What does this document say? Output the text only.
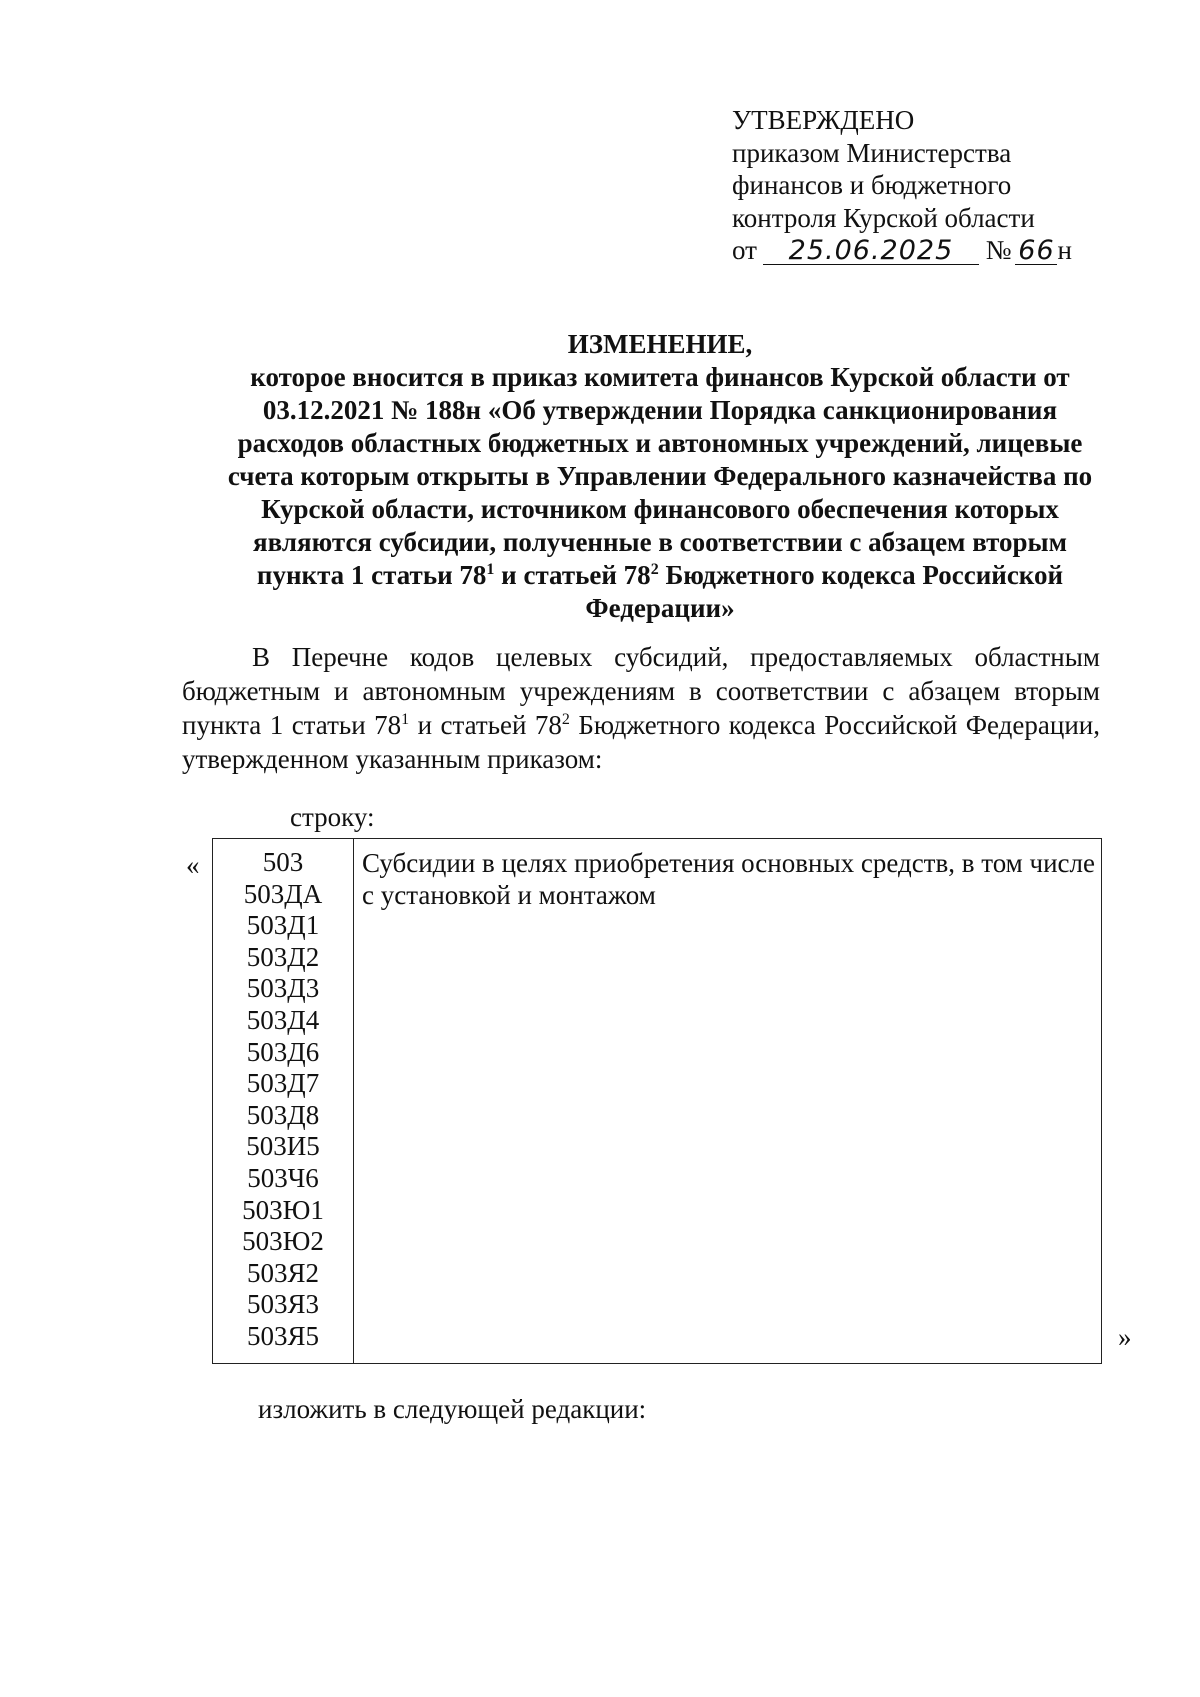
УТВЕРЖДЕНО
приказом Министерства
финансов и бюджетного
контроля Курской области
от 25.06.2025 № 66 н
ИЗМЕНЕНИЕ,
которое вносится в приказ комитета финансов Курской области от 03.12.2021 № 188н «Об утверждении Порядка санкционирования расходов областных бюджетных и автономных учреждений, лицевые счета которым открыты в Управлении Федерального казначейства по Курской области, источником финансового обеспечения которых являются субсидии, полученные в соответствии с абзацем вторым пункта 1 статьи $78^1$ и статьей $78^2$ Бюджетного кодекса Российской Федерации»
В Перечне кодов целевых субсидий, предоставляемых областным бюджетным и автономным учреждениям в соответствии с абзацем вторым пункта 1 статьи $78^1$ и статьей $78^2$ Бюджетного кодекса Российской Федерации, утвержденном указанным приказом:
строку:
«	503
503ДА
503Д1
503Д2
503Д3
503Д4
503Д6
503Д7
503Д8
503И5
503Ч6
503Ю1
503Ю2
503Я2
503Я3
503Я5
	Субсидии в целях приобретения основных средств, в том числе с установкой и монтажом
»
изложить в следующей редакции:
